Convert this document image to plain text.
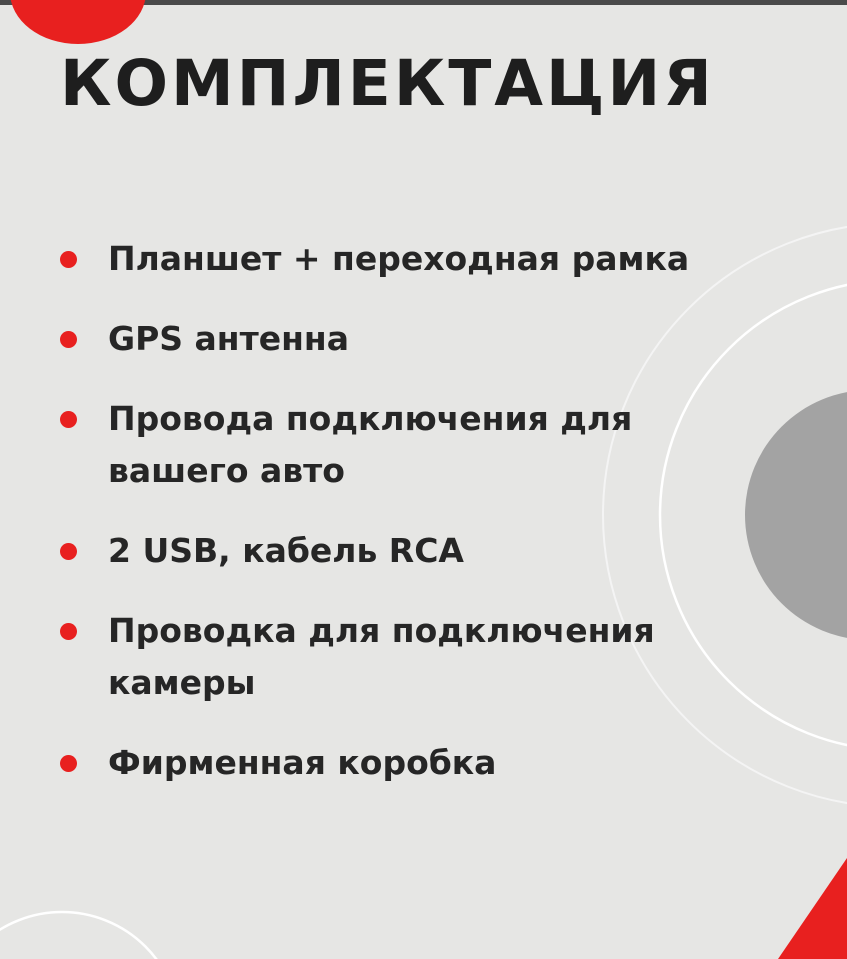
КОМПЛЕКТАЦИЯ
Планшет + переходная рамка
GPS антенна
Провода подключения для
вашего авто
2 USB, кабель RCA
Проводка для подключения
камеры
Фирменная коробка
